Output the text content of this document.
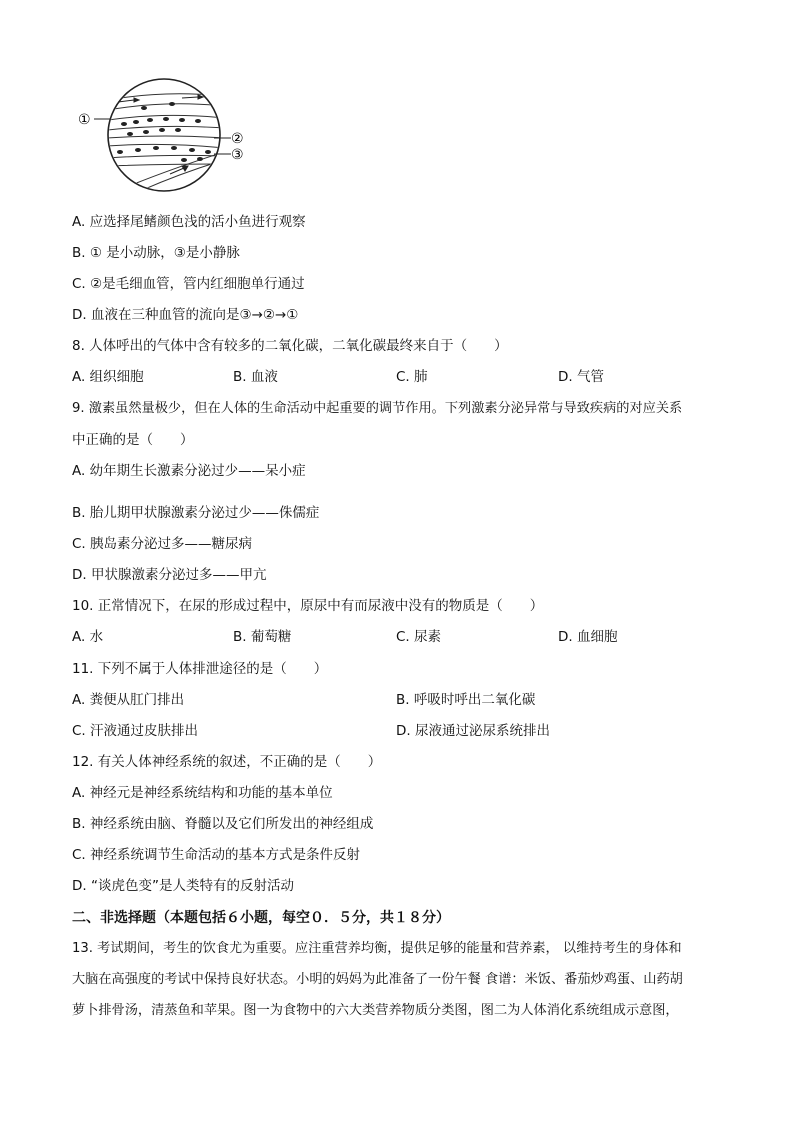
①
②
③
A. 应选择尾鳍颜色浅的活小鱼进行观察
B. ① 是小动脉，③是小静脉
C. ②是毛细血管，管内红细胞单行通过
D. 血液在三种血管的流向是③→②→①
8. 人体呼出的气体中含有较多的二氧化碳，二氧化碳最终来自于（　　）
A. 组织细胞	B. 血液	C. 肺	D. 气管
9. 激素虽然量极少，但在人体的生命活动中起重要的调节作用。下列激素分泌异常与导致疾病的对应关系
中正确的是（　　）
A. 幼年期生长激素分泌过少——呆小症
B. 胎儿期甲状腺激素分泌过少——侏儒症
C. 胰岛素分泌过多——糖尿病
D. 甲状腺激素分泌过多——甲亢
10. 正常情况下，在尿的形成过程中，原尿中有而尿液中没有的物质是（　　）
A. 水	B. 葡萄糖	C. 尿素	D. 血细胞
11. 下列不属于人体排泄途径的是（　　）
A. 粪便从肛门排出	B. 呼吸时呼出二氧化碳
C. 汗液通过皮肤排出	D. 尿液通过泌尿系统排出
12. 有关人体神经系统的叙述，不正确的是（　　）
A. 神经元是神经系统结构和功能的基本单位
B. 神经系统由脑、脊髓以及它们所发出的神经组成
C. 神经系统调节生命活动的基本方式是条件反射
D. “谈虎色变”是人类特有的反射活动
二、非选择题（本题包括６小题，每空０．５分，共１８分）
13. 考试期间，考生的饮食尤为重要。应注重营养均衡，提供足够的能量和营养素， 以维持考生的身体和
大脑在高强度的考试中保持良好状态。小明的妈妈为此准备了一份午餐 食谱：米饭、番茄炒鸡蛋、山药胡
萝卜排骨汤，清蒸鱼和苹果。图一为食物中的六大类营养物质分类图，图二为人体消化系统组成示意图，
